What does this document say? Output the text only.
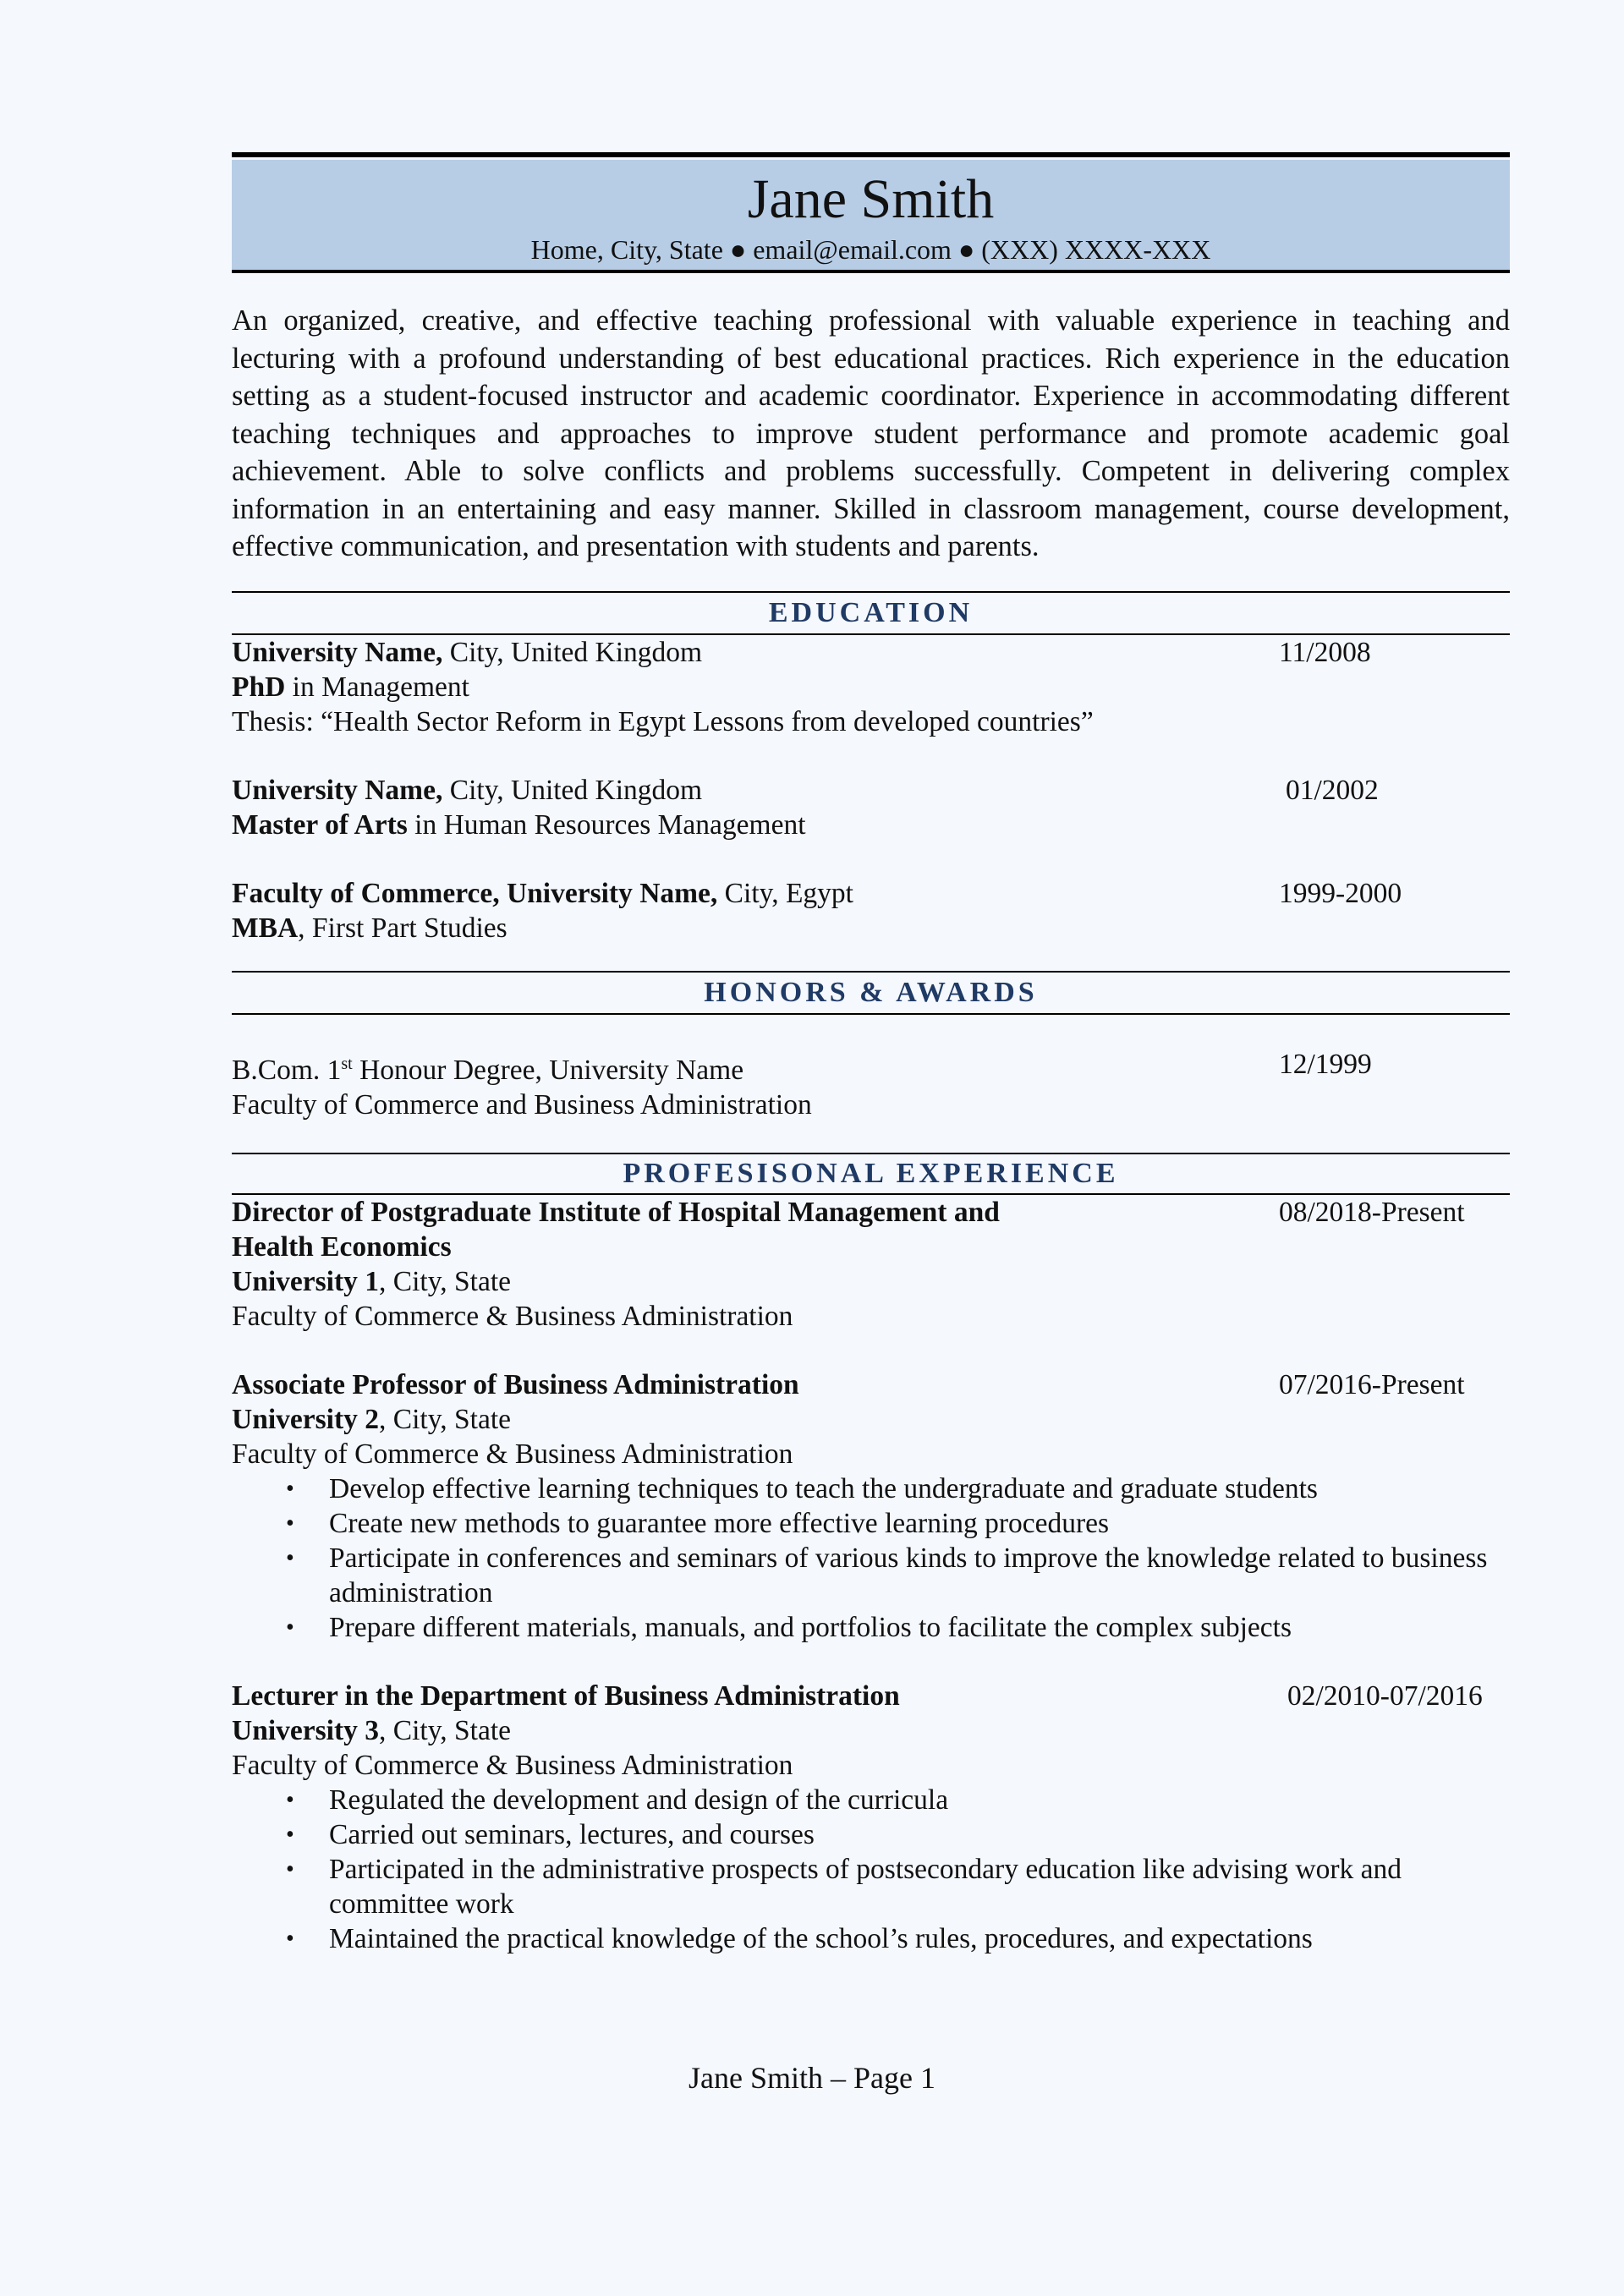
Jane Smith
Home, City, State ● email@email.com ● (XXX) XXXX-XXX
An organized, creative, and effective teaching professional with valuable experience in teaching and lecturing with a profound understanding of best educational practices. Rich experience in the education setting as a student-focused instructor and academic coordinator. Experience in accommodating different teaching techniques and approaches to improve student performance and promote academic goal achievement. Able to solve conflicts and problems successfully. Competent in delivering complex information in an entertaining and easy manner. Skilled in classroom management, course development, effective communication, and presentation with students and parents.
EDUCATION
University Name, City, United Kingdom	11/2008
PhD in Management
Thesis: “Health Sector Reform in Egypt Lessons from developed countries”
University Name, City, United Kingdom	01/2002
Master of Arts in Human Resources Management
Faculty of Commerce, University Name, City, Egypt	1999-2000
MBA, First Part Studies
HONORS & AWARDS
B.Com. 1st Honour Degree, University Name	12/1999
Faculty of Commerce and Business Administration
PROFESISONAL EXPERIENCE
Director of Postgraduate Institute of Hospital Management and	08/2018-Present
Health Economics
University 1, City, State
Faculty of Commerce & Business Administration
Associate Professor of Business Administration	07/2016-Present
University 2, City, State
Faculty of Commerce & Business Administration
• Develop effective learning techniques to teach the undergraduate and graduate students
• Create new methods to guarantee more effective learning procedures
• Participate in conferences and seminars of various kinds to improve the knowledge related to business administration
• Prepare different materials, manuals, and portfolios to facilitate the complex subjects
Lecturer in the Department of Business Administration	02/2010-07/2016
University 3, City, State
Faculty of Commerce & Business Administration
• Regulated the development and design of the curricula
• Carried out seminars, lectures, and courses
• Participated in the administrative prospects of postsecondary education like advising work and committee work
• Maintained the practical knowledge of the school’s rules, procedures, and expectations
Jane Smith – Page 1
